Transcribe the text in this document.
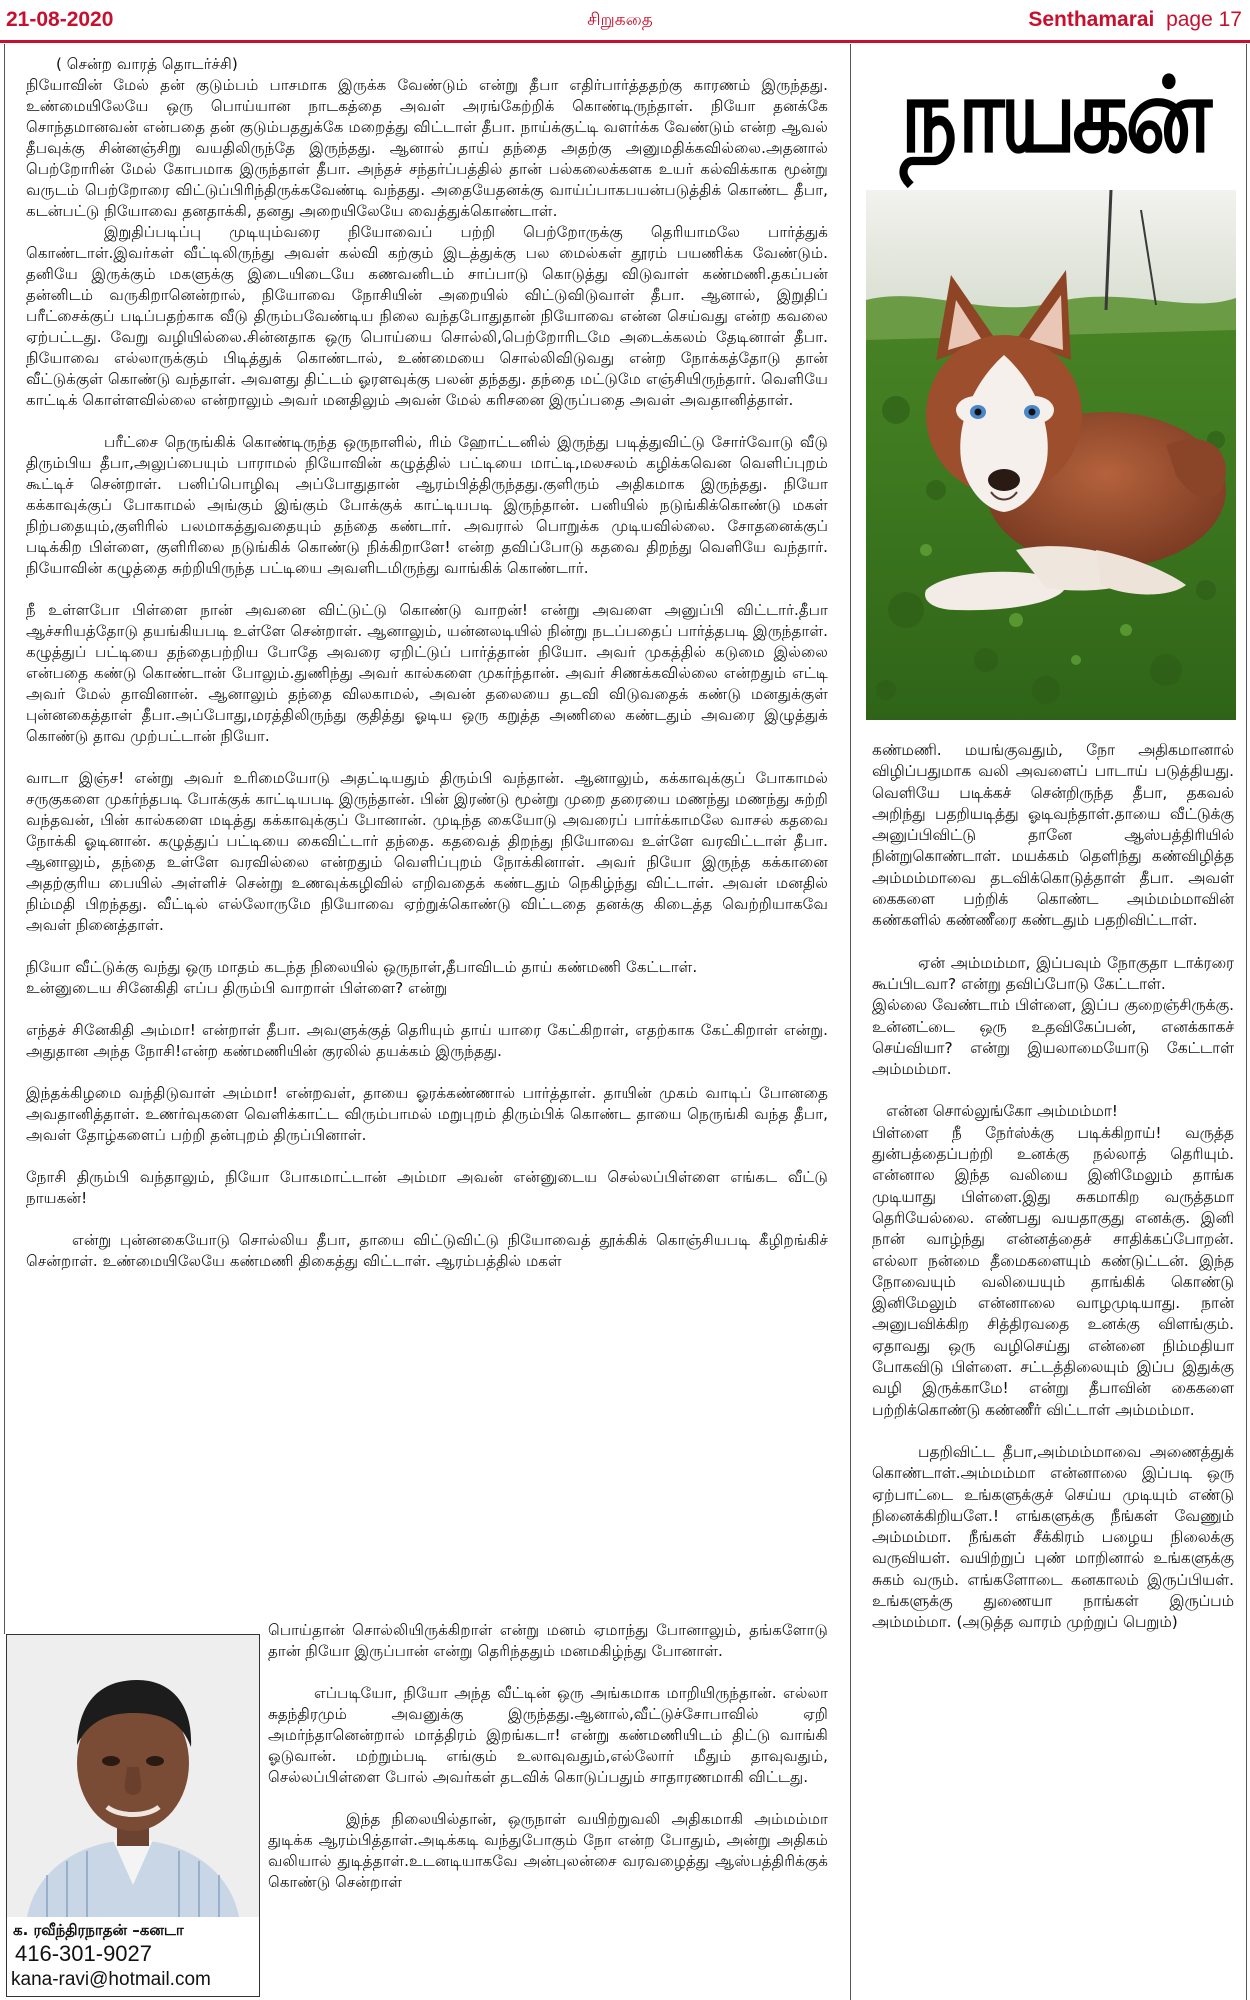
21-08-2020	சிறுகதை	Senthamarai page 17

( சென்ற வாரத் தொடர்ச்சி)

நியோவின் மேல் தன் குடும்பம் பாசமாக இருக்க வேண்டும் என்று தீபா எதிர்பார்த்ததற்கு காரணம் இருந்தது. உண்மையிலேயே ஒரு பொய்யான நாடகத்தை அவள் அரங்கேற்றிக் கொண்டிருந்தாள். நியோ தனக்கே சொந்தமானவன் என்பதை தன் குடும்பததுக்கே மறைத்து விட்டாள் தீபா. நாய்க்குட்டி வளர்க்க வேண்டும் என்ற ஆவல் தீபவுக்கு சின்னஞ்சிறு வயதிலிருந்தே இருந்தது. ஆனால் தாய் தந்தை அதற்கு அனுமதிக்கவில்லை.அதனால் பெற்றோரின் மேல் கோபமாக இருந்தாள் தீபா. அந்தச் சந்தர்ப்பத்தில் தான் பல்கலைக்களக உயர் கல்விக்காக மூன்று வருடம் பெற்றோரை விட்டுப்பிரிந்திருக்கவேண்டி வந்தது. அதையேதனக்கு வாய்ப்பாகபயன்படுத்திக் கொண்ட தீபா, கடன்பட்டு நியோவை தனதாக்கி, தனது அறையிலேயே வைத்துக்கொண்டாள்.

இறுதிப்படிப்பு முடியும்வரை நியோவைப் பற்றி பெற்றோருக்கு தெரியாமலே பார்த்துக் கொண்டாள்.இவர்கள் வீட்டிலிருந்து அவள் கல்வி கற்கும் இடத்துக்கு பல மைல்கள் தூரம் பயணிக்க வேண்டும். தனியே இருக்கும் மகளுக்கு இடையிடையே கணவனிடம் சாப்பாடு கொடுத்து விடுவாள் கண்மணி.தகப்பன் தன்னிடம் வருகிறானென்றால், நியோவை நோசியின் அறையில் விட்டுவிடுவாள் தீபா. ஆனால், இறுதிப் பரீட்சைக்குப் படிப்பதற்காக வீடு திரும்பவேண்டிய நிலை வந்தபோதுதான் நியோவை என்ன செய்வது என்ற கவலை ஏற்பட்டது. வேறு வழியில்லை.சின்னதாக ஒரு பொய்யை சொல்லி,பெற்றோரிடமே அடைக்கலம் தேடினாள் தீபா. நியோவை எல்லாருக்கும் பிடித்துக் கொண்டால், உண்மையை சொல்லிவிடுவது என்ற நோக்கத்தோடு தான் வீட்டுக்குள் கொண்டு வந்தாள். அவளது திட்டம் ஓரளவுக்கு பலன் தந்தது. தந்தை மட்டுமே எஞ்சியிருந்தார். வெளியே காட்டிக் கொள்ளவில்லை என்றாலும் அவர் மனதிலும் அவன் மேல் கரிசனை இருப்பதை அவள் அவதானித்தாள்.

பரீட்சை நெருங்கிக் கொண்டிருந்த ஒருநாளில், ரிம் ஹோட்டனில் இருந்து படித்துவிட்டு சோர்வோடு வீடு திரும்பிய தீபா,அலுப்பையும் பாராமல் நியோவின் கழுத்தில் பட்டியை மாட்டி,மலசலம் கழிக்கவென வெளிப்புறம் கூட்டிச் சென்றாள். பனிப்பொழிவு அப்போதுதான் ஆரம்பித்திருந்தது.குளிரும் அதிகமாக இருந்தது. நியோ கக்காவுக்குப் போகாமல் அங்கும் இங்கும் போக்குக் காட்டியபடி இருந்தான். பனியில் நடுங்கிக்கொண்டு மகள் நிற்பதையும்,குளிரில் பலமாகத்துவதையும் தந்தை கண்டார். அவரால் பொறுக்க முடியவில்லை. சோதனைக்குப் படிக்கிற பிள்ளை, குளிரிலை நடுங்கிக் கொண்டு நிக்கிறாளே! என்ற தவிப்போடு கதவை திறந்து வெளியே வந்தார். நியோவின் கழுத்தை சுற்றியிருந்த பட்டியை அவளிடமிருந்து வாங்கிக் கொண்டார்.

நீ உள்ளபோ பிள்ளை நான் அவனை விட்டுட்டு கொண்டு வாறன்! என்று அவளை அனுப்பி விட்டார்.தீபா ஆச்சரியத்தோடு தயங்கியபடி உள்ளே சென்றாள். ஆனாலும், யன்னலடியில் நின்று நடப்பதைப் பார்த்தபடி இருந்தாள். கழுத்துப் பட்டியை தந்தைபற்றிய போதே அவரை ஏறிட்டுப் பார்த்தான் நியோ. அவர் முகத்தில் கடுமை இல்லை என்பதை கண்டு கொண்டான் போலும்.துணிந்து அவர் கால்களை முகர்ந்தான். அவர் சிணக்கவில்லை என்றதும் எட்டி அவர் மேல் தாவினான். ஆனாலும் தந்தை விலகாமல், அவன் தலையை தடவி விடுவதைக் கண்டு மனதுக்குள் புன்னகைத்தாள் தீபா.அப்போது,மரத்திலிருந்து குதித்து ஓடிய ஒரு கறுத்த அணிலை கண்டதும் அவரை இழுத்துக் கொண்டு தாவ முற்பட்டான் நியோ.

வாடா இஞ்ச! என்று அவர் உரிமையோடு அதட்டியதும் திரும்பி வந்தான். ஆனாலும், கக்காவுக்குப் போகாமல் சருகுகளை முகர்ந்தபடி போக்குக் காட்டியபடி இருந்தான். பின் இரண்டு மூன்று முறை தரையை மணந்து மணந்து சுற்றி வந்தவன், பின் கால்களை மடித்து கக்காவுக்குப் போனான். முடிந்த கையோடு அவரைப் பார்க்காமலே வாசல் கதவை நோக்கி ஓடினான். கழுத்துப் பட்டியை கைவிட்டார் தந்தை. கதவைத் திறந்து நியோவை உள்ளே வரவிட்டாள் தீபா. ஆனாலும், தந்தை உள்ளே வரவில்லை என்றதும் வெளிப்புறம் நோக்கினாள். அவர் நியோ இருந்த கக்கானை அதற்குரிய பையில் அள்ளிச் சென்று உணவுக்கழிவில் எறிவதைக் கண்டதும் நெகிழ்ந்து விட்டாள். அவள் மனதில் நிம்மதி பிறந்தது. வீட்டில் எல்லோருமே நியோவை ஏற்றுக்கொண்டு விட்டதை தனக்கு கிடைத்த வெற்றியாகவே அவள் நினைத்தாள்.

நியோ வீட்டுக்கு வந்து ஒரு மாதம் கடந்த நிலையில் ஒருநாள்,தீபாவிடம் தாய் கண்மணி கேட்டாள்.
உன்னுடைய சினேகிதி எப்ப திரும்பி வாறாள் பிள்ளை? என்று

எந்தச் சினேகிதி அம்மா! என்றாள் தீபா. அவளுக்குத் தெரியும் தாய் யாரை கேட்கிறாள், எதற்காக கேட்கிறாள் என்று. அதுதான அந்த நோசி!என்ற கண்மணியின் குரலில் தயக்கம் இருந்தது.

இந்தக்கிழமை வந்திடுவாள் அம்மா! என்றவள், தாயை ஓரக்கண்ணால் பார்த்தாள். தாயின் முகம் வாடிப் போனதை அவதானித்தாள். உணர்வுகளை வெளிக்காட்ட விரும்பாமல் மறுபுறம் திரும்பிக் கொண்ட தாயை நெருங்கி வந்த தீபா, அவள் தோழ்களைப் பற்றி தன்புறம் திருப்பினாள்.

நோசி திரும்பி வந்தாலும், நியோ போகமாட்டான் அம்மா அவன் என்னுடைய செல்லப்பிள்ளை எங்கட வீட்டு நாயகன்!

என்று புன்னகையோடு சொல்லிய தீபா, தாயை விட்டுவிட்டு நியோவைத் தூக்கிக் கொஞ்சியபடி கீழிறங்கிச் சென்றாள். உண்மையிலேயே கண்மணி திகைத்து விட்டாள். ஆரம்பத்தில் மகள்

பொய்தான் சொல்லியிருக்கிறாள் என்று மனம் ஏமாந்து போனாலும், தங்களோடு தான் நியோ இருப்பான் என்று தெரிந்ததும் மனமகிழ்ந்து போனாள்.

எப்படியோ, நியோ அந்த வீட்டின் ஒரு அங்கமாக மாறியிருந்தான். எல்லா சுதந்திரமும் அவனுக்கு இருந்தது.ஆனால்,வீட்டுச்சோபாவில் ஏறி அமர்ந்தானென்றால் மாத்திரம் இறங்கடா! என்று கண்மணியிடம் திட்டு வாங்கி ஓடுவான். மற்றும்படி எங்கும் உலாவுவதும்,எல்லோர் மீதும் தாவுவதும், செல்லப்பிள்ளை போல் அவர்கள் தடவிக் கொடுப்பதும் சாதாரணமாகி விட்டது.

இந்த நிலையில்தான், ஒருநாள் வயிற்றுவலி அதிகமாகி அம்மம்மா துடிக்க ஆரம்பித்தாள்.அடிக்கடி வந்துபோகும் நோ என்ற போதும், அன்று அதிகம் வலியால் துடித்தாள்.உடனடியாகவே அன்புலன்சை வரவழைத்து ஆஸ்பத்திரிக்குக் கொண்டு சென்றாள்

நாயகன்

கண்மணி. மயங்குவதும், நோ அதிகமானால் விழிப்பதுமாக வலி அவளைப் பாடாய் படுத்தியது. வெளியே படிக்கச் சென்றிருந்த தீபா, தகவல் அறிந்து பதறியடித்து ஓடிவந்தாள்.தாயை வீட்டுக்கு அனுப்பிவிட்டு தானே ஆஸ்பத்திரியில் நின்றுகொண்டாள். மயக்கம் தெளிந்து கண்விழித்த அம்மம்மாவை தடவிக்கொடுத்தாள் தீபா. அவள் கைகளை பற்றிக் கொண்ட அம்மம்மாவின் கண்களில் கண்ணீரை கண்டதும் பதறிவிட்டாள்.

ஏன் அம்மம்மா, இப்பவும் நோகுதா டாக்ரரை கூப்பிடவா? என்று தவிப்போடு கேட்டாள்.
இல்லை வேண்டாம் பிள்ளை, இப்ப குறைஞ்சிருக்கு. உன்னட்டை ஒரு உதவிகேப்பன், எனக்காகச் செய்வியா? என்று இயலாமையோடு கேட்டாள் அம்மம்மா.

என்ன சொல்லுங்கோ அம்மம்மா!
பிள்ளை நீ நேர்ஸ்க்கு படிக்கிறாய்! வருத்த துன்பத்தைப்பற்றி உனக்கு நல்லாத் தெரியும். என்னால இந்த வலியை இனிமேலும் தாங்க முடியாது பிள்ளை.இது சுகமாகிற வருத்தமா தெரியேல்லை. எண்பது வயதாகுது எனக்கு. இனி நான் வாழ்ந்து என்னத்தைச் சாதிக்கப்போறன். எல்லா நன்மை தீமைகளையும் கண்டுட்டன். இந்த நோவையும் வலியையும் தாங்கிக் கொண்டு இனிமேலும் என்னாலை வாழமுடியாது. நான் அனுபவிக்கிற சித்திரவதை உனக்கு விளங்கும். ஏதாவது ஒரு வழிசெய்து என்னை நிம்மதியா போகவிடு பிள்ளை. சட்டத்திலையும் இப்ப இதுக்கு வழி இருக்காமே! என்று தீபாவின் கைகளை பற்றிக்கொண்டு கண்ணீர் விட்டாள் அம்மம்மா.

பதறிவிட்ட தீபா,அம்மம்மாவை அணைத்துக் கொண்டாள்.அம்மம்மா என்னாலை இப்படி ஒரு ஏற்பாட்டை உங்களுக்குச் செய்ய முடியும் எண்டு நினைக்கிறியளே.! எங்களுக்கு நீங்கள் வேணும் அம்மம்மா. நீங்கள் சீக்கிரம் பழைய நிலைக்கு வருவியள். வயிற்றுப் புண் மாறினால் உங்களுக்கு சுகம் வரும். எங்களோடை கனகாலம் இருப்பியள். உங்களுக்கு துணையா நாங்கள் இருப்பம் அம்மம்மா. (அடுத்த வாரம் முற்றுப் பெறும்)

க. ரவீந்திரநாதன் –கனடா
416-301-9027
kana-ravi@hotmail.com
